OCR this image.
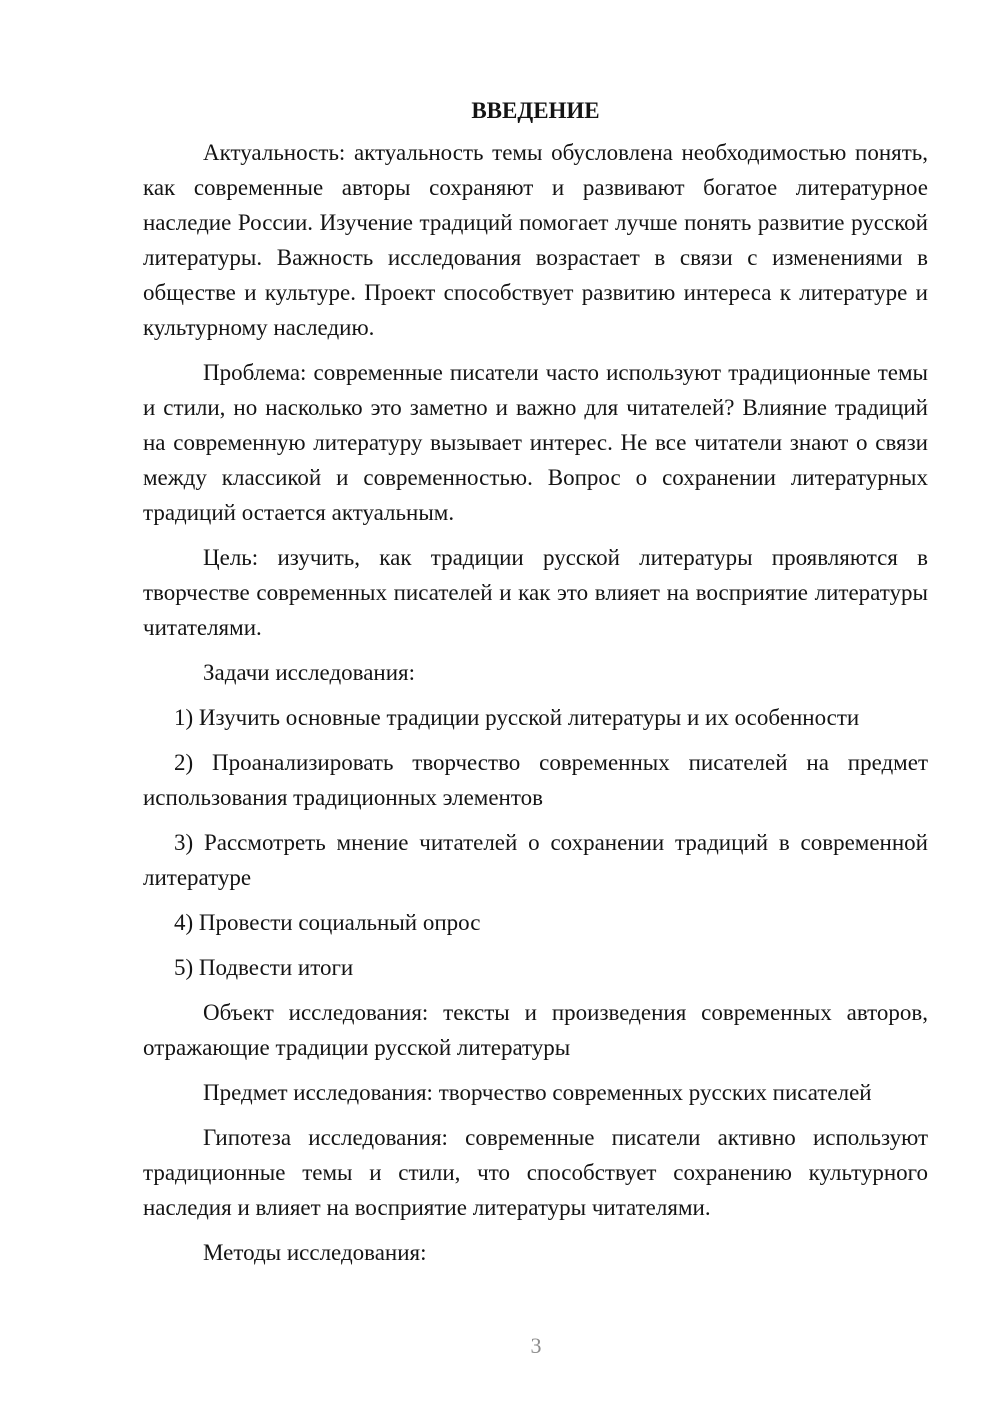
ВВЕДЕНИЕ

Актуальность: актуальность темы обусловлена необходимостью понять, как современные авторы сохраняют и развивают богатое литературное наследие России. Изучение традиций помогает лучше понять развитие русской литературы. Важность исследования возрастает в связи с изменениями в обществе и культуре. Проект способствует развитию интереса к литературе и культурному наследию.

Проблема: современные писатели часто используют традиционные темы и стили, но насколько это заметно и важно для читателей? Влияние традиций на современную литературу вызывает интерес. Не все читатели знают о связи между классикой и современностью. Вопрос о сохранении литературных традиций остается актуальным.

Цель: изучить, как традиции русской литературы проявляются в творчестве современных писателей и как это влияет на восприятие литературы читателями.

Задачи исследования:

1) Изучить основные традиции русской литературы и их особенности

2) Проанализировать творчество современных писателей на предмет использования традиционных элементов

3) Рассмотреть мнение читателей о сохранении традиций в современной литературе

4) Провести социальный опрос

5) Подвести итоги

Объект исследования: тексты и произведения современных авторов, отражающие традиции русской литературы

Предмет исследования: творчество современных русских писателей

Гипотеза исследования: современные писатели активно используют традиционные темы и стили, что способствует сохранению культурного наследия и влияет на восприятие литературы читателями.

Методы исследования:

3
